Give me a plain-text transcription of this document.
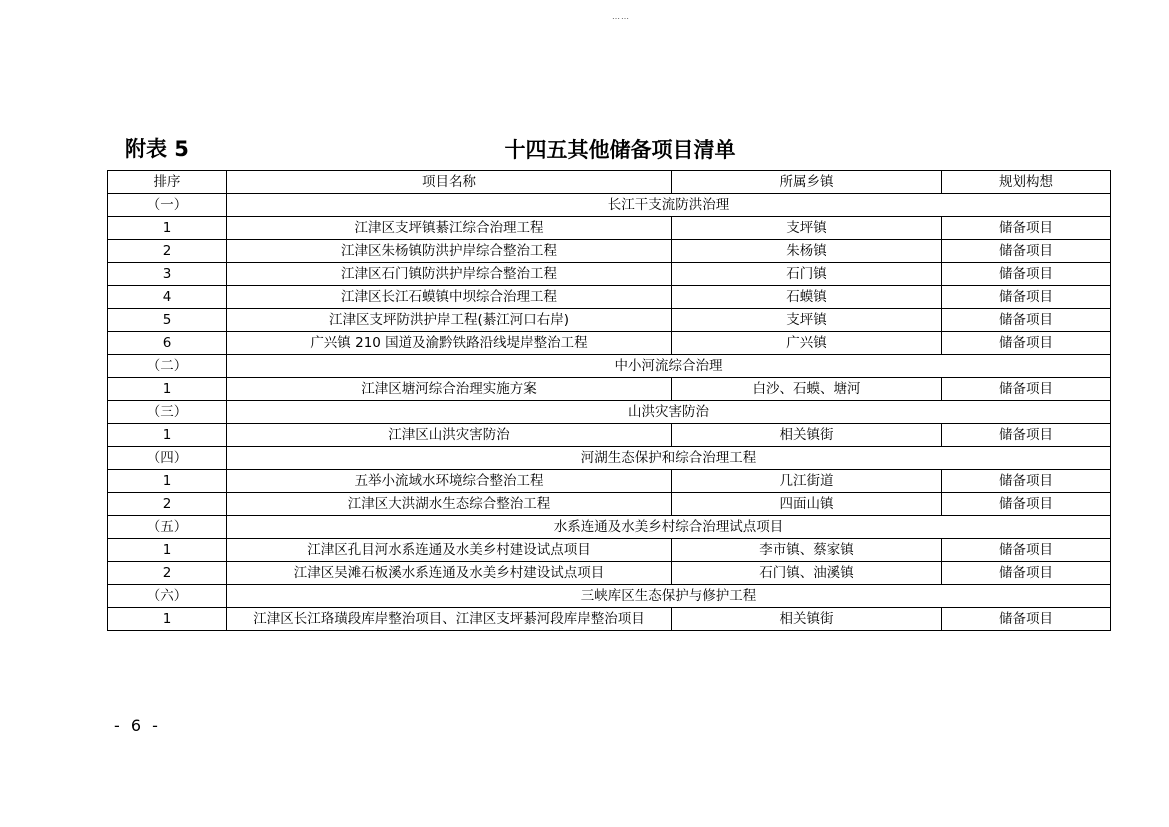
……
附表 5	十四五其他储备项目清单
排序	项目名称	所属乡镇	规划构想
（一）	长江干支流防洪治理		
1	江津区支坪镇綦江综合治理工程	支坪镇	储备项目
2	江津区朱杨镇防洪护岸综合整治工程	朱杨镇	储备项目
3	江津区石门镇防洪护岸综合整治工程	石门镇	储备项目
4	江津区长江石蟆镇中坝综合治理工程	石蟆镇	储备项目
5	江津区支坪防洪护岸工程(綦江河口右岸)	支坪镇	储备项目
6	广兴镇 210 国道及渝黔铁路沿线堤岸整治工程	广兴镇	储备项目
（二）	中小河流综合治理		
1	江津区塘河综合治理实施方案	白沙、石蟆、塘河	储备项目
（三）	山洪灾害防治		
1	江津区山洪灾害防治	相关镇街	储备项目
（四）	河湖生态保护和综合治理工程		
1	五举小流域水环境综合整治工程	几江街道	储备项目
2	江津区大洪湖水生态综合整治工程	四面山镇	储备项目
（五）	水系连通及水美乡村综合治理试点项目		
1	江津区孔目河水系连通及水美乡村建设试点项目	李市镇、蔡家镇	储备项目
2	江津区吴滩石板溪水系连通及水美乡村建设试点项目	石门镇、油溪镇	储备项目
（六）	三峡库区生态保护与修护工程		
1	江津区长江珞璜段库岸整治项目、江津区支坪綦河段库岸整治项目	相关镇街	储备项目
- 6 -
